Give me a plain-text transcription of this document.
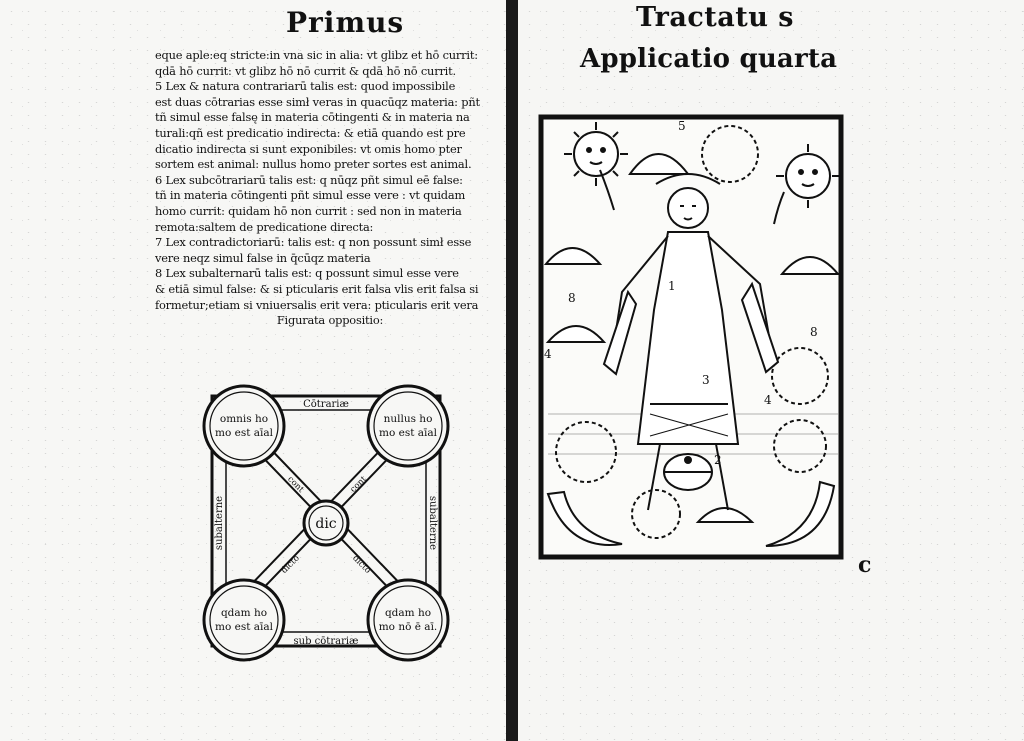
Primus
eque aple:eq stricte:in vna sic in alia: vt glibz et hō currit:
qdā hō currit: vt glibz hō nō currit & qdā hō nō currit.
5 Lex & natura contrariarū talis est: quod impossibile
est duas cōtrarias esse simł veras in quacūqz materia: pñt
tñ simul esse falsę in materia cōtingenti & in materia na
turali:qñ est predicatio indirecta: & etiā quando est pre
dicatio indirecta si sunt exponibiles: vt omis homo pter
sortem est animal: nullus homo preter sortes est animal.
6 Lex subcōtrariarū talis est: q nūqz pñt simul eē false:
tñ in materia cōtingenti pñt simul esse vere : vt quidam
homo currit: quidam hō non currit : sed non in materia
remota:saltem de predicatione directa:
7 Lex contradictoriarū: talis est: q non possunt simł esse
vere neqz simul false in q̄cūqz materia
8 Lex subalternarū talis est: q possunt simul esse vere
& etiā simul false: & si pticularis erit falsa vlis erit falsa si
formetur;etiam si vniuersalis erit vera: pticularis erit vera
Figurata oppositio:
omnis ho
mo est aīal
nullus ho
mo est aīal
qdam ho
mo est aīal
qdam ho
mo nō ē aī.
dic
Cōtrariæ
sub cōtrariæ
subalterne	subalterne
cont	cont
dicto	dicto
Tractatu s
Applicatio quarta
5
1
8
4
3
8
4
2
c
